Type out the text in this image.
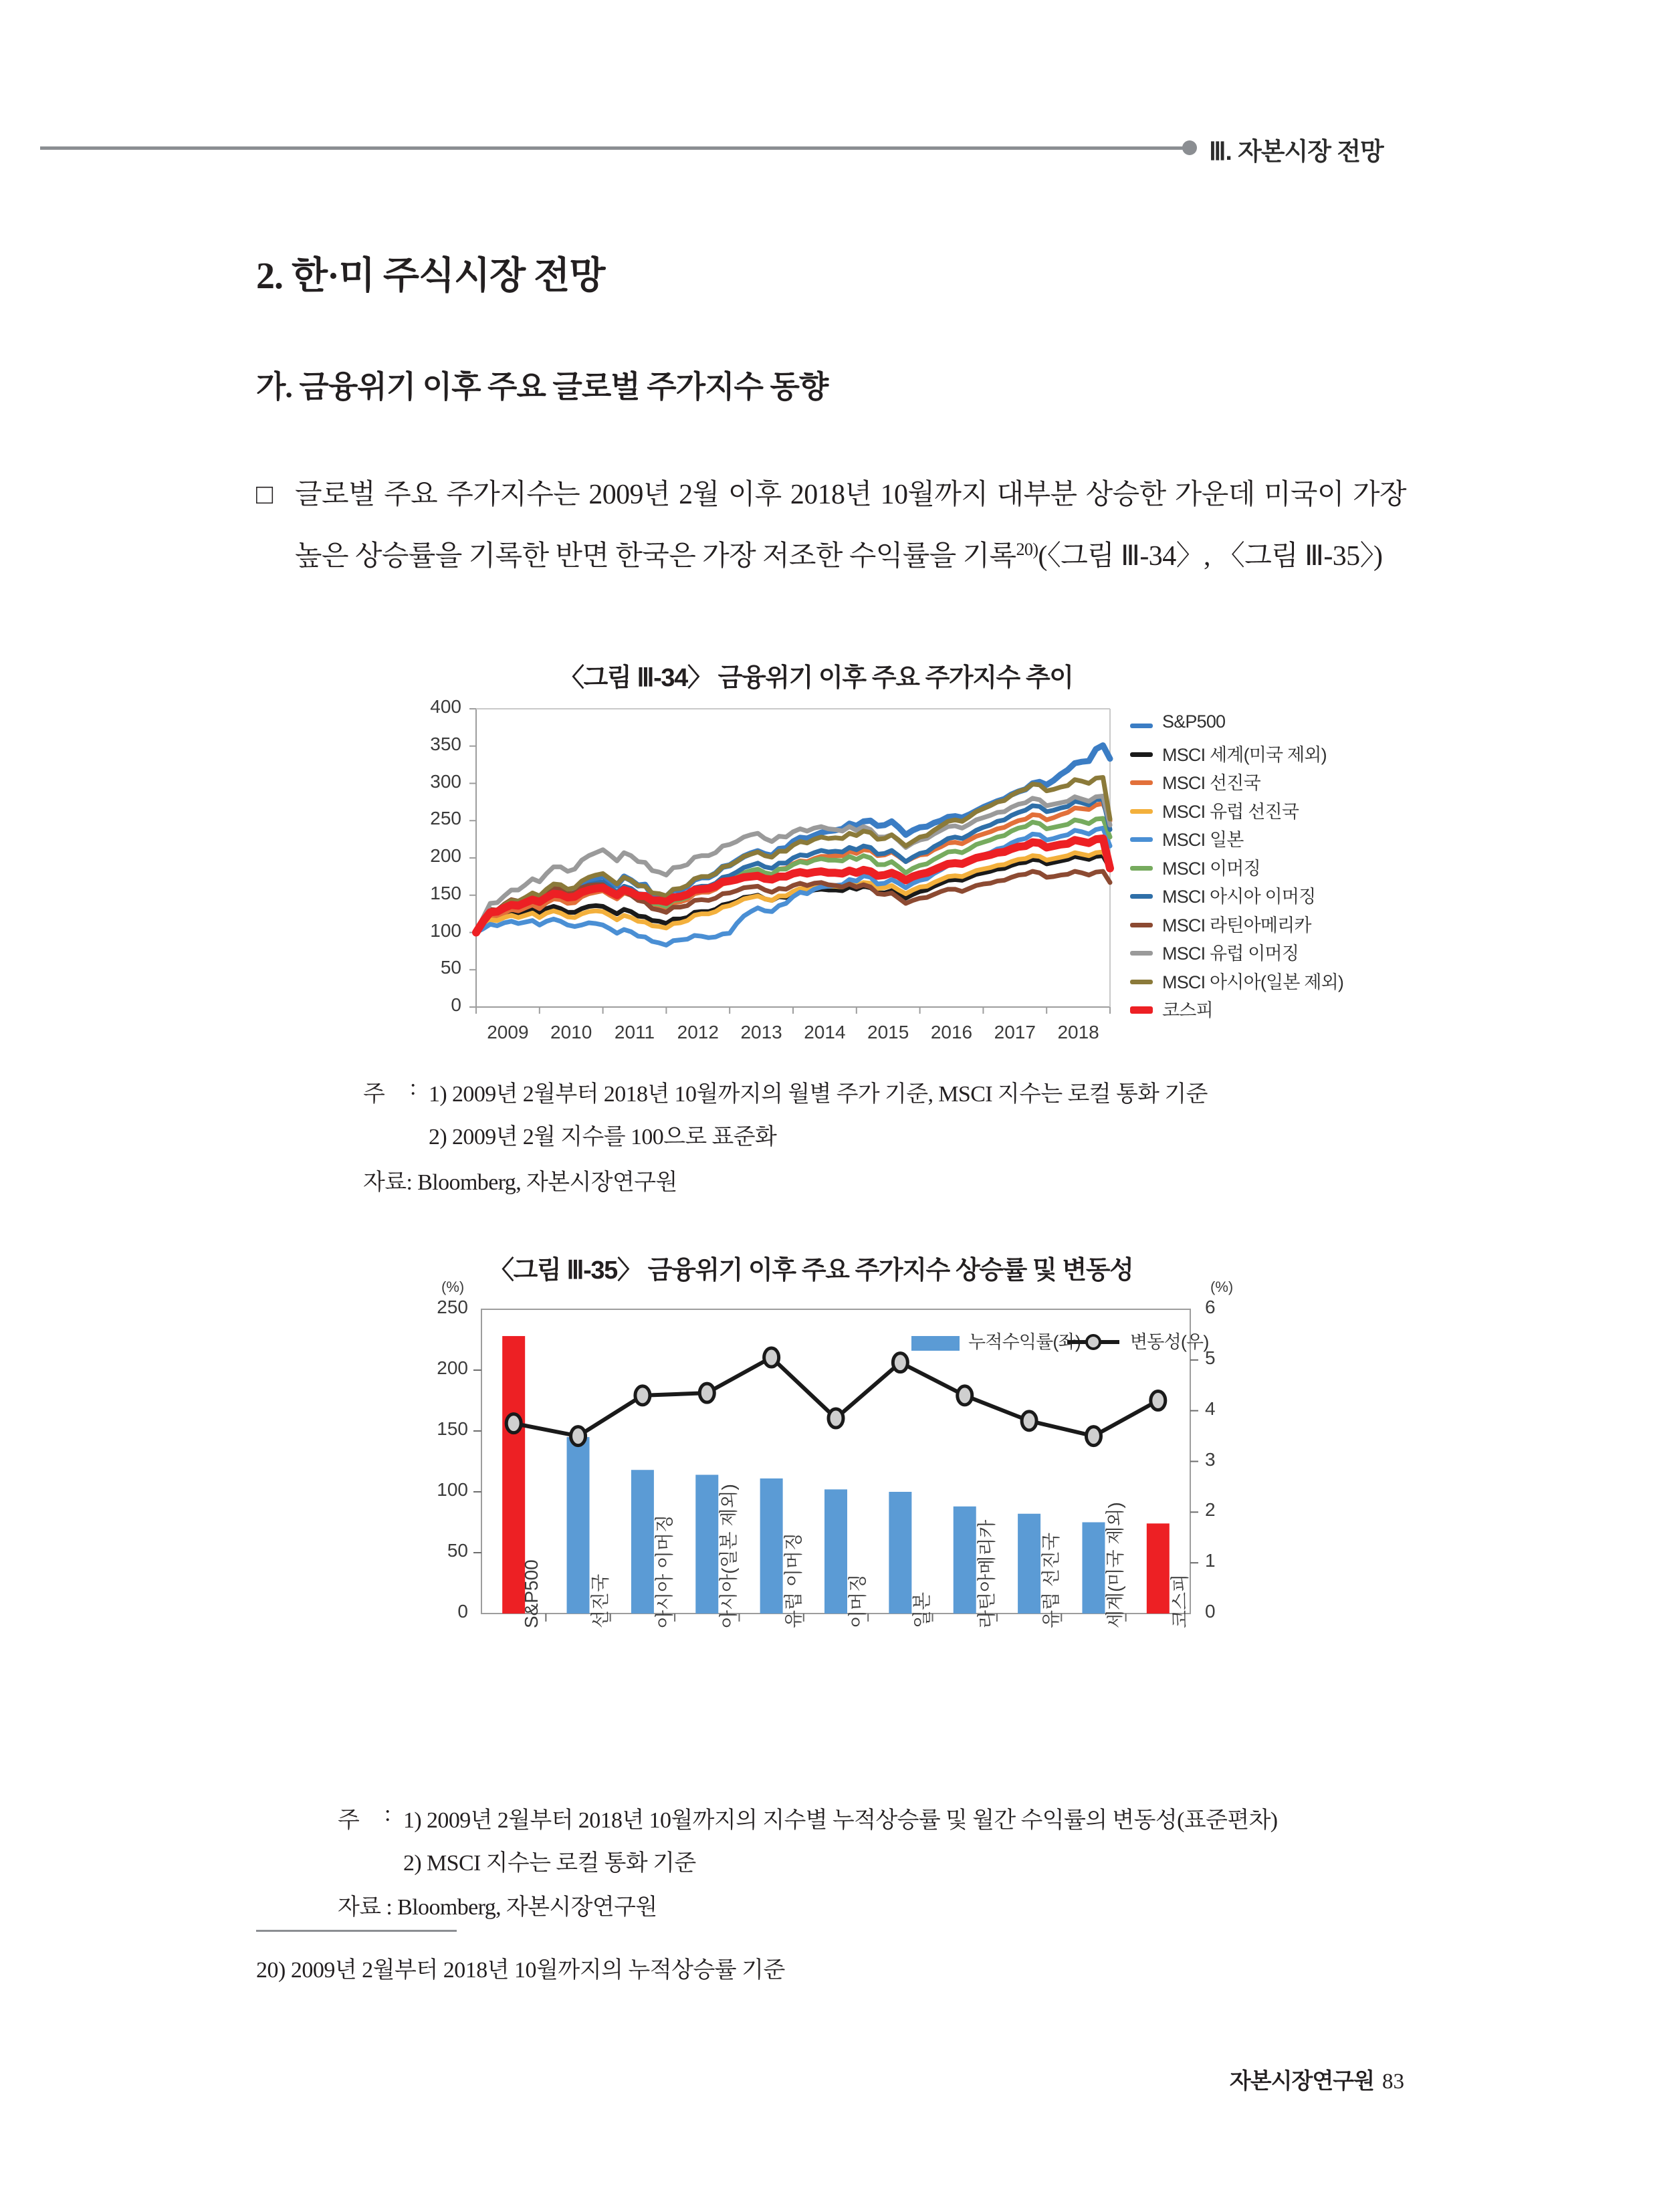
Ⅲ. 자본시장 전망
2. 한·미 주식시장 전망
가. 금융위기 이후 주요 글로벌 주가지수 동향
□ 글로벌 주요 주가지수는 2009년 2월 이후 2018년 10월까지 대부분 상승한 가운데 미국이 가장 높은 상승률을 기록한 반면 한국은 가장 저조한 수익률을 기록$^{20)}$(〈그림 Ⅲ-34〉, 〈그림 Ⅲ-35〉)
〈그림 Ⅲ-34〉 금융위기 이후 주요 주가지수 추이
0
50
100
150
200
250
300
350
400
2009	2010	2011	2012	2013	2014	2015	2016	2017	2018
S&P500
MSCI 세계(미국 제외)
MSCI 선진국
MSCI 유럽 선진국
MSCI 일본
MSCI 이머징
MSCI 아시아 이머징
MSCI 라틴아메리카
MSCI 유럽 이머징
MSCI 아시아(일본 제외)
코스피
주 : 1) 2009년 2월부터 2018년 10월까지의 월별 주가 기준, MSCI 지수는 로컬 통화 기준
2) 2009년 2월 지수를 100으로 표준화
자료: Bloomberg, 자본시장연구원
〈그림 Ⅲ-35〉 금융위기 이후 주요 주가지수 상승률 및 변동성
(%)	(%)
0
50
100
150
200
250
0
1
2
3
4
5
6
S&P500	선진국 아시아 이머징 아시아(일본 제외) 유럽 이머징 이머징 일본 라틴아메리카 유럽 선진국 세계(미국 제외) 코스피
누적수익률(좌)	변동성(우)
주 : 1) 2009년 2월부터 2018년 10월까지의 지수별 누적상승률 및 월간 수익률의 변동성(표준편차)
2) MSCI 지수는 로컬 통화 기준
자료 : Bloomberg, 자본시장연구원
20) 2009년 2월부터 2018년 10월까지의 누적상승률 기준
자본시장연구원 83
